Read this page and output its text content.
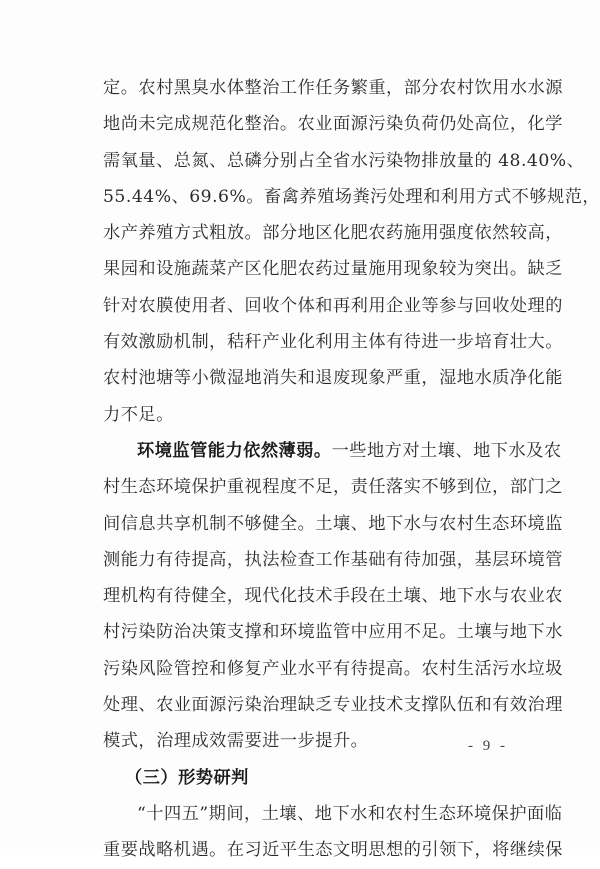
定。农村黑臭水体整治工作任务繁重，部分农村饮用水水源
地尚未完成规范化整治。农业面源污染负荷仍处高位，化学
需氧量、总氮、总磷分别占全省水污染物排放量的 48.40%、
55.44%、69.6%。畜禽养殖场粪污处理和利用方式不够规范，
水产养殖方式粗放。部分地区化肥农药施用强度依然较高，
果园和设施蔬菜产区化肥农药过量施用现象较为突出。缺乏
针对农膜使用者、回收个体和再利用企业等参与回收处理的
有效激励机制，秸秆产业化利用主体有待进一步培育壮大。
农村池塘等小微湿地消失和退废现象严重，湿地水质净化能
力不足。
环境监管能力依然薄弱。一些地方对土壤、地下水及农
村生态环境保护重视程度不足，责任落实不够到位，部门之
间信息共享机制不够健全。土壤、地下水与农村生态环境监
测能力有待提高，执法检查工作基础有待加强，基层环境管
理机构有待健全，现代化技术手段在土壤、地下水与农业农
村污染防治决策支撑和环境监管中应用不足。土壤与地下水
污染风险管控和修复产业水平有待提高。农村生活污水垃圾
处理、农业面源污染治理缺乏专业技术支撑队伍和有效治理
模式，治理成效需要进一步提升。
（三）形势研判
“十四五”期间，土壤、地下水和农村生态环境保护面临
重要战略机遇。在习近平生态文明思想的引领下，将继续保
- 9 -
